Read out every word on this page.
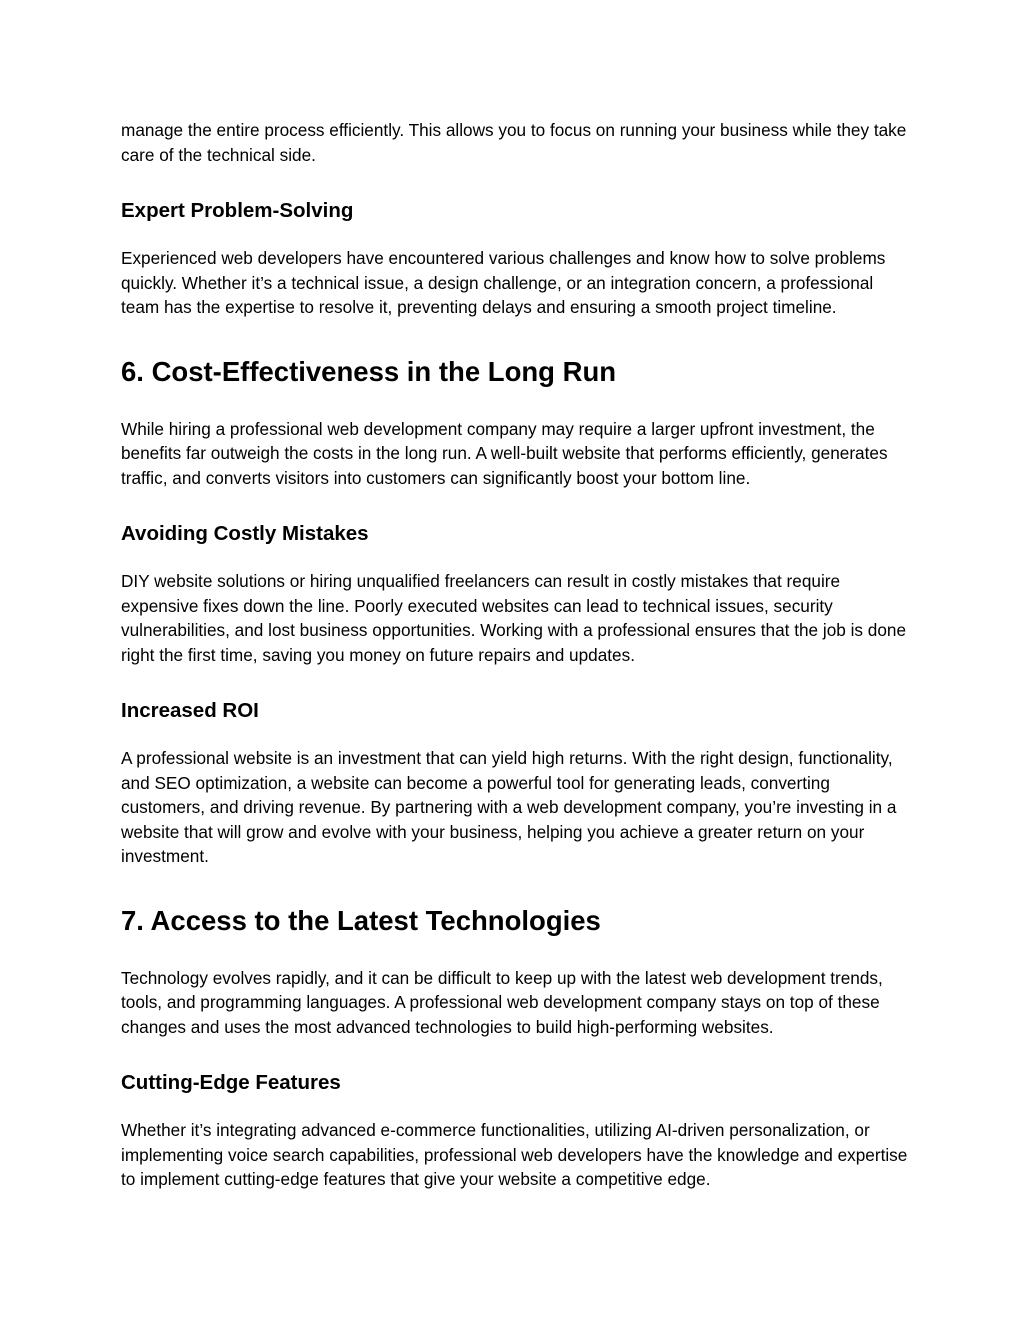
manage the entire process efficiently. This allows you to focus on running your business while they take care of the technical side.

Expert Problem-Solving

Experienced web developers have encountered various challenges and know how to solve problems quickly. Whether it’s a technical issue, a design challenge, or an integration concern, a professional team has the expertise to resolve it, preventing delays and ensuring a smooth project timeline.

6. Cost-Effectiveness in the Long Run

While hiring a professional web development company may require a larger upfront investment, the benefits far outweigh the costs in the long run. A well-built website that performs efficiently, generates traffic, and converts visitors into customers can significantly boost your bottom line.

Avoiding Costly Mistakes

DIY website solutions or hiring unqualified freelancers can result in costly mistakes that require expensive fixes down the line. Poorly executed websites can lead to technical issues, security vulnerabilities, and lost business opportunities. Working with a professional ensures that the job is done right the first time, saving you money on future repairs and updates.

Increased ROI

A professional website is an investment that can yield high returns. With the right design, functionality, and SEO optimization, a website can become a powerful tool for generating leads, converting customers, and driving revenue. By partnering with a web development company, you’re investing in a website that will grow and evolve with your business, helping you achieve a greater return on your investment.

7. Access to the Latest Technologies

Technology evolves rapidly, and it can be difficult to keep up with the latest web development trends, tools, and programming languages. A professional web development company stays on top of these changes and uses the most advanced technologies to build high-performing websites.

Cutting-Edge Features

Whether it’s integrating advanced e-commerce functionalities, utilizing AI-driven personalization, or implementing voice search capabilities, professional web developers have the knowledge and expertise to implement cutting-edge features that give your website a competitive edge.
